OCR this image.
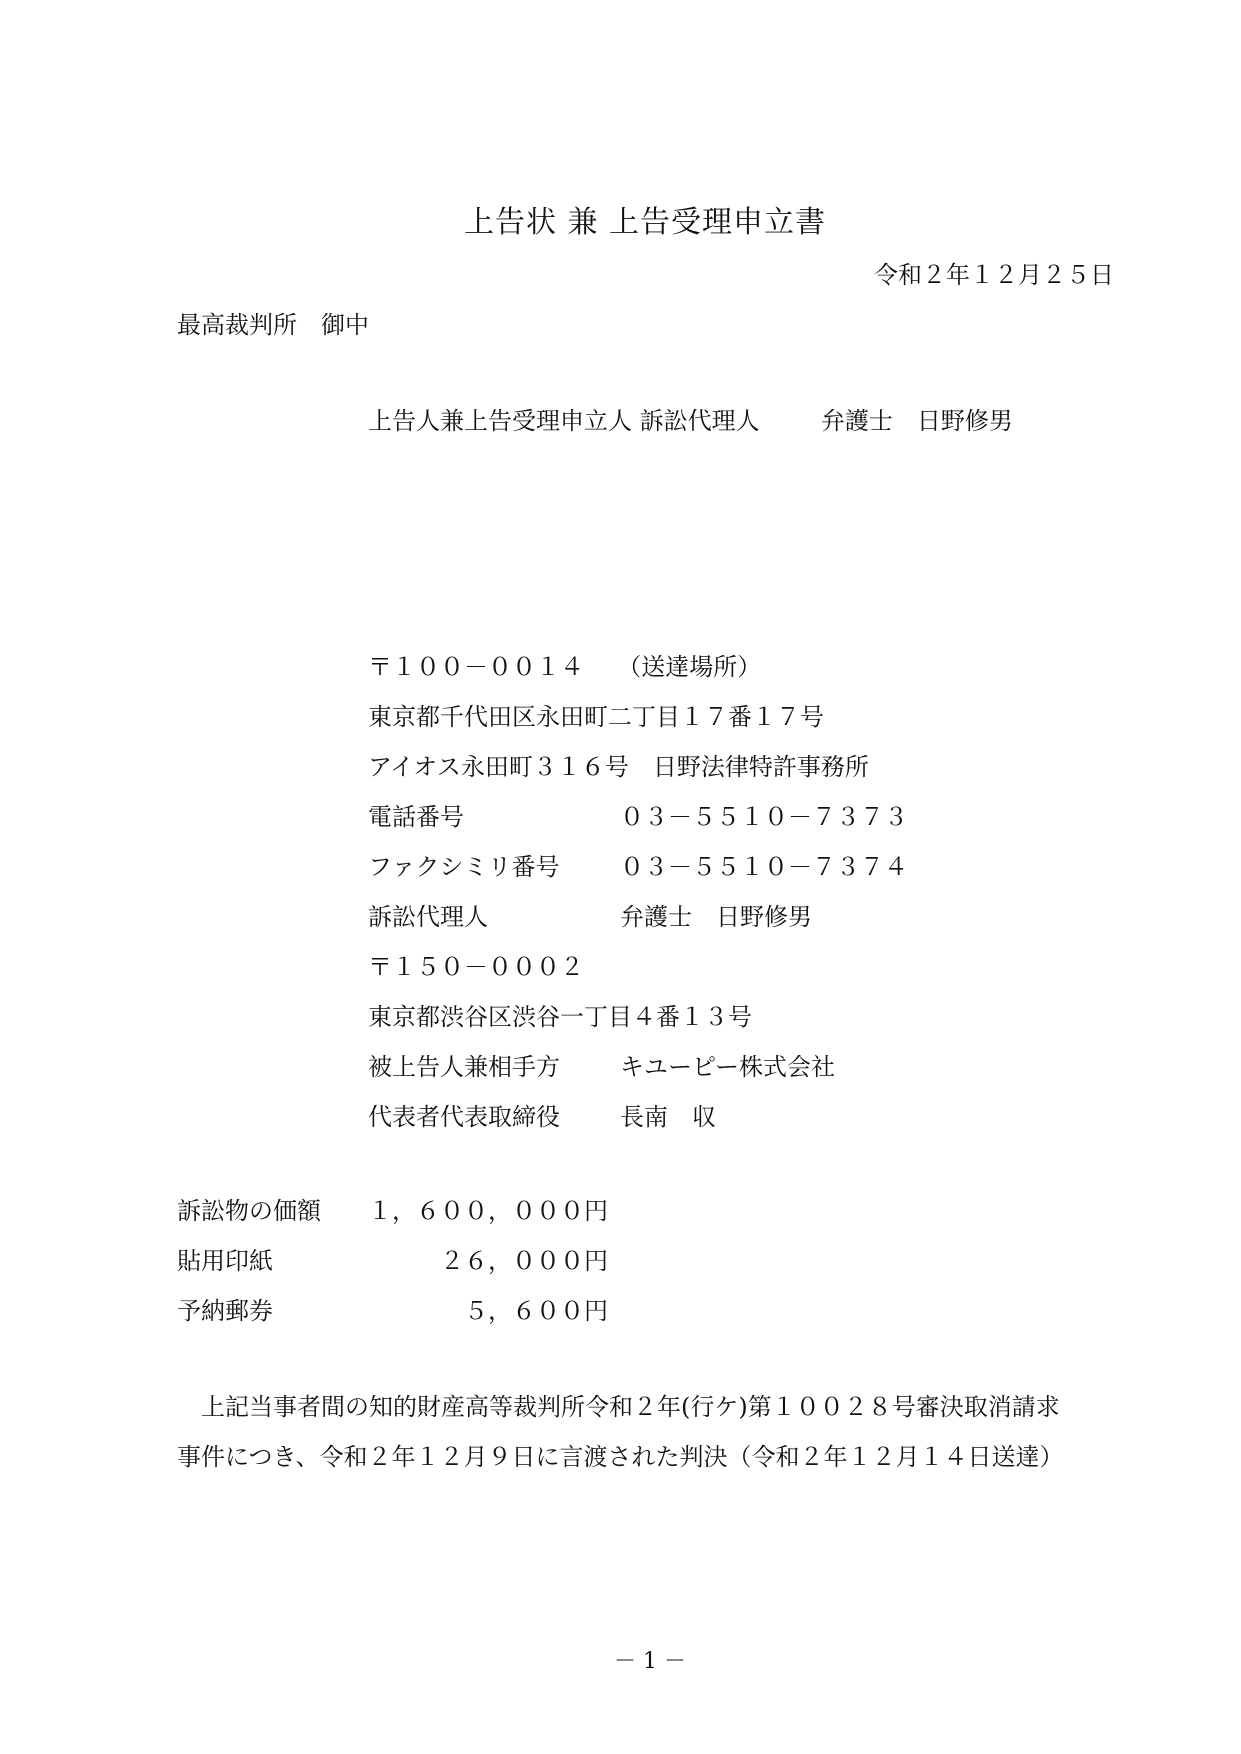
上告状 兼 上告受理申立書
令和２年１２月２５日
最高裁判所　御中
上告人兼上告受理申立人 訴訟代理人	弁護士　日野修男
〒１００－００１４ （送達場所）
東京都千代田区永田町二丁目１７番１７号
アイオス永田町３１６号　日野法律特許事務所
電話番号	０３－５５１０－７３７３
ファクシミリ番号	０３－５５１０－７３７４
訴訟代理人	弁護士　日野修男
〒１５０－０００２
東京都渋谷区渋谷一丁目４番１３号
被上告人兼相手方	キユーピー株式会社
代表者代表取締役	長南　収
訴訟物の価額 １，６００，０００円
貼用印紙	２６，０００円
予納郵券	５，６００円
　上記当事者間の知的財産高等裁判所令和２年(行ケ)第１００２８号審決取消請求
事件につき、令和２年１２月９日に言渡された判決（令和２年１２月１４日送達）
－ 1 －
